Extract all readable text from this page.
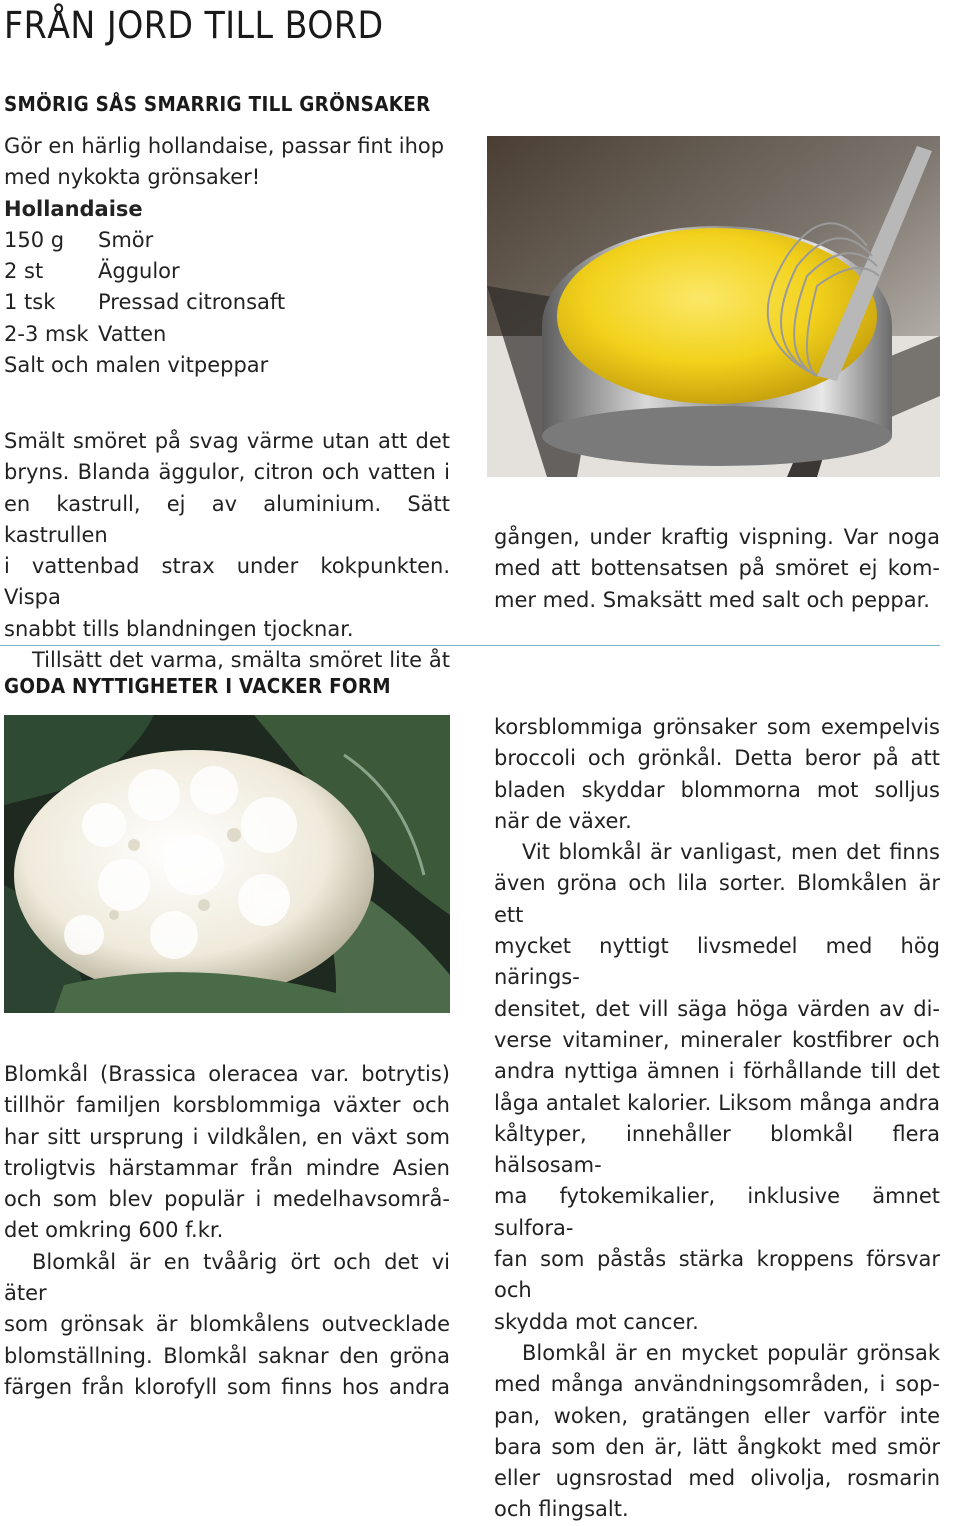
FRÅN JORD TILL BORD
SMÖRIG SÅS SMARRIG TILL GRÖNSAKER

Gör en härlig hollandaise, passar fint ihop

med nykokta grönsaker!

Hollandaise

150 g	Smör
2 st	Äggulor
1 tsk	Pressad citronsaft
2-3 msk Vatten

Salt och malen vitpeppar

Smält smöret på svag värme utan att det

bryns. Blanda äggulor, citron och vatten i

en kastrull, ej av aluminium. Sätt kastrullen

i vattenbad strax under kokpunkten. Vispa

snabbt tills blandningen tjocknar.

Tillsätt det varma, smälta smöret lite åt

gången, under kraftig vispning. Var noga

med att bottensatsen på smöret ej kom-

mer med. Smaksätt med salt och peppar.

GODA NYTTIGHETER I VACKER FORM

Blomkål (Brassica oleracea var. botrytis)

tillhör familjen korsblommiga växter och

har sitt ursprung i vildkålen, en växt som

troligtvis härstammar från mindre Asien

och som blev populär i medelhavsområ-

det omkring 600 f.kr.

Blomkål är en tvåårig ört och det vi äter

som grönsak är blomkålens outvecklade

blomställning. Blomkål saknar den gröna

färgen från klorofyll som finns hos andra

korsblommiga grönsaker som exempelvis

broccoli och grönkål. Detta beror på att

bladen skyddar blommorna mot solljus

när de växer.

Vit blomkål är vanligast, men det finns

även gröna och lila sorter. Blomkålen är ett

mycket nyttigt livsmedel med hög närings-

densitet, det vill säga höga värden av di-

verse vitaminer, mineraler kostfibrer och

andra nyttiga ämnen i förhållande till det

låga antalet kalorier. Liksom många andra

kåltyper, innehåller blomkål flera hälsosam-

ma fytokemikalier, inklusive ämnet sulfora-

fan som påstås stärka kroppens försvar och

skydda mot cancer.

Blomkål är en mycket populär grönsak

med många användningsområden, i sop-

pan, woken, gratängen eller varför inte

bara som den är, lätt ångkokt med smör

eller ugnsrostad med olivolja, rosmarin

och flingsalt.
